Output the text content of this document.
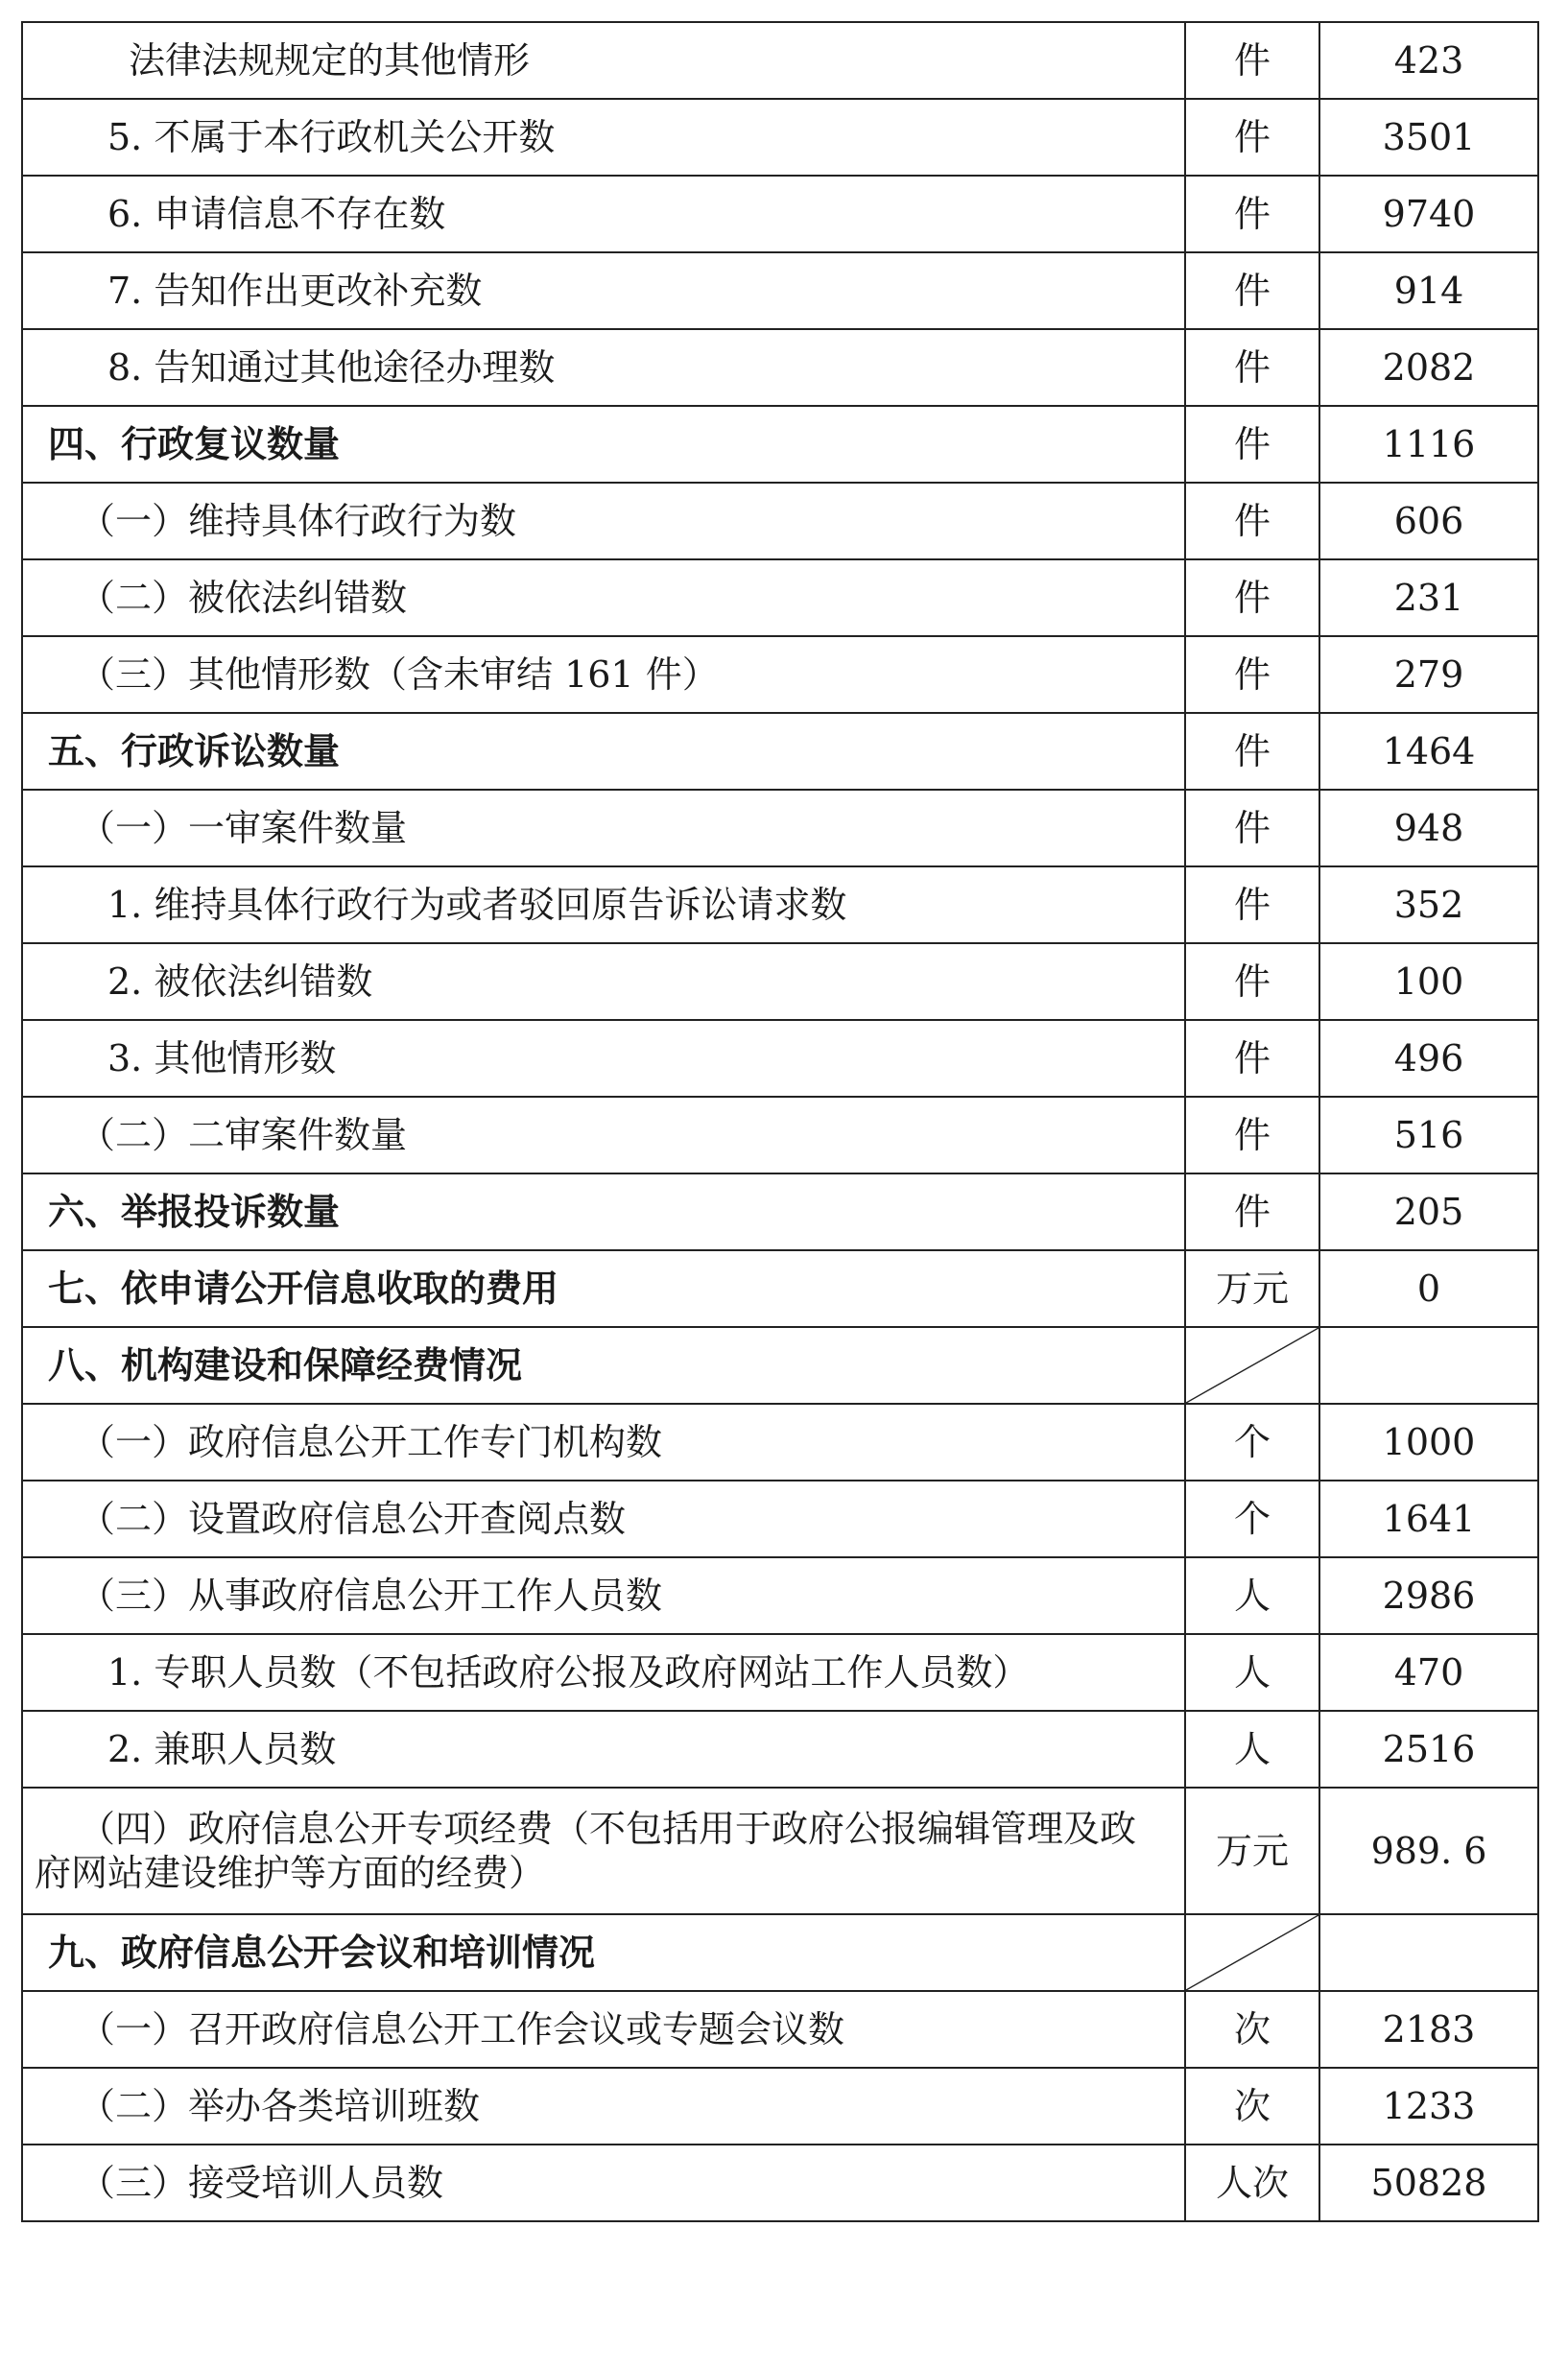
法律法规规定的其他情形	件	423
5. 不属于本行政机关公开数	件	3501
6. 申请信息不存在数	件	9740
7. 告知作出更改补充数	件	914
8. 告知通过其他途径办理数	件	2082
四、行政复议数量	件	1116
（一）维持具体行政行为数	件	606
（二）被依法纠错数	件	231
（三）其他情形数（含未审结 161 件）	件	279
五、行政诉讼数量	件	1464
（一）一审案件数量	件	948
1. 维持具体行政行为或者驳回原告诉讼请求数	件	352
2. 被依法纠错数	件	100
3. 其他情形数	件	496
（二）二审案件数量	件	516
六、举报投诉数量	件	205
七、依申请公开信息收取的费用	万元	0
八、机构建设和保障经费情况	

（一）政府信息公开工作专门机构数	个	1000
（二）设置政府信息公开查阅点数	个	1641
（三）从事政府信息公开工作人员数	人	2986
1. 专职人员数（不包括政府公报及政府网站工作人员数）	人	470
2. 兼职人员数	人	2516
（四）政府信息公开专项经费（不包括用于政府公报编辑管理及政府网站建设维护等方面的经费）	万元	989. 6
九、政府信息公开会议和培训情况	

（一）召开政府信息公开工作会议或专题会议数	次	2183
（二）举办各类培训班数	次	1233
（三）接受培训人员数	人次	50828
